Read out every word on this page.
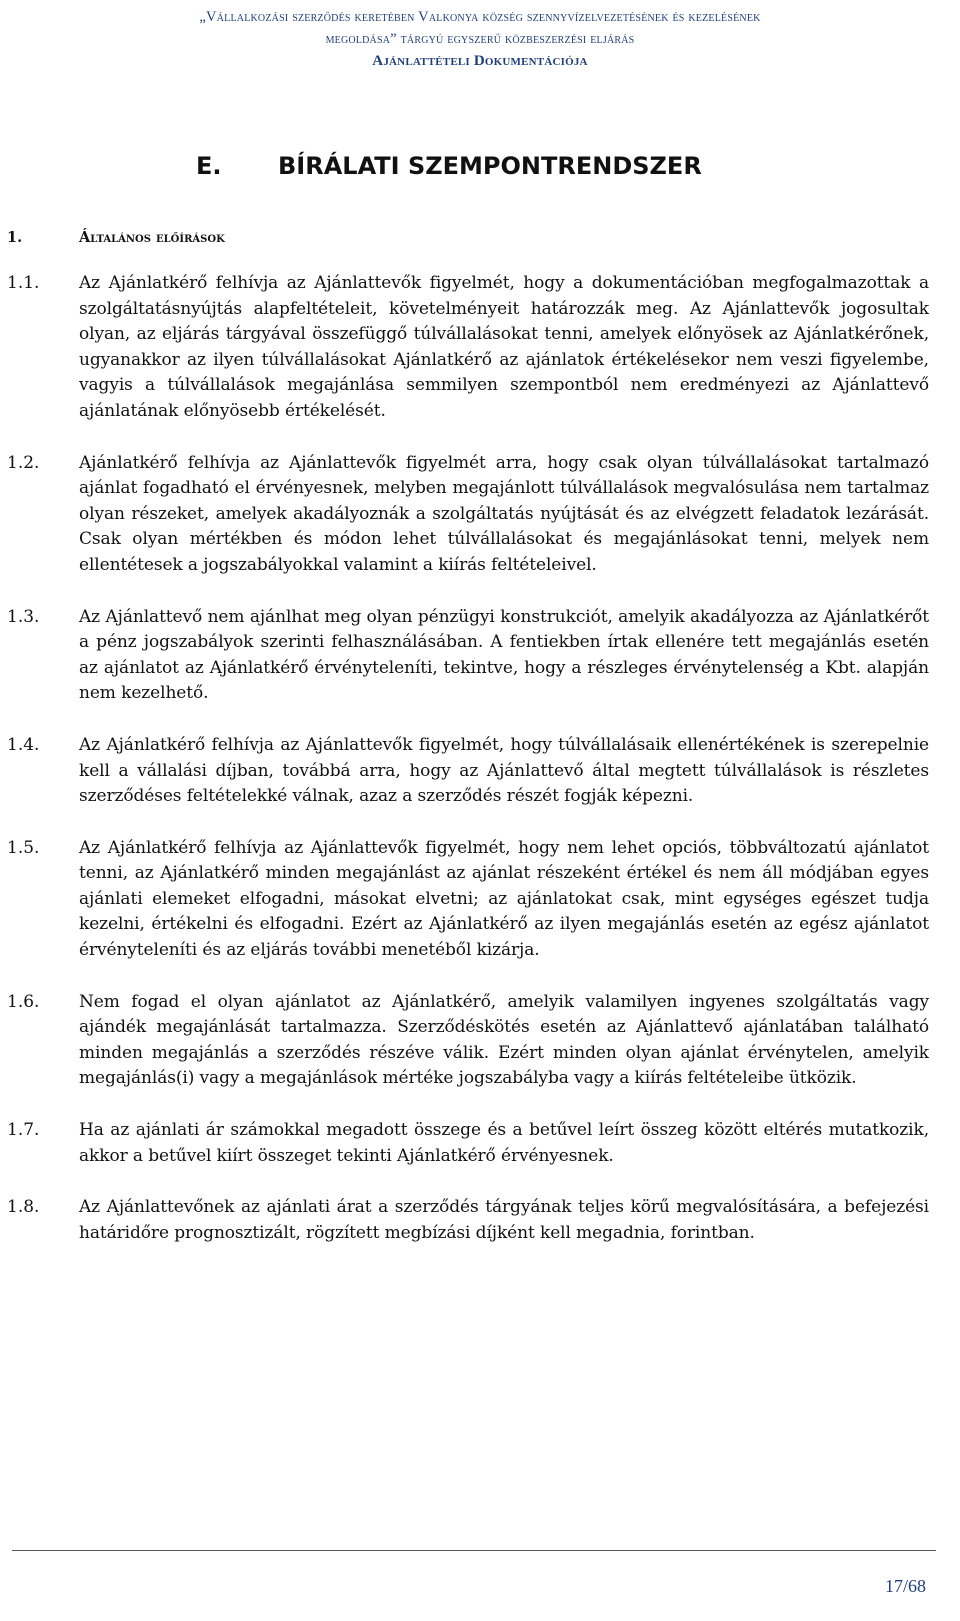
„Vállalkozási szerződés keretében Valkonya község szennyvízelvezetésének és kezelésének
megoldása” tárgyú egyszerű közbeszerzési eljárás
Ajánlattételi Dokumentációja
E. BÍRÁLATI SZEMPONTRENDSZER
1.	Általános előírások
1.1.	Az Ajánlatkérő felhívja az Ajánlattevők figyelmét, hogy a dokumentációban megfogalmazottak a szolgáltatásnyújtás alapfeltételeit, követelményeit határozzák meg. Az Ajánlattevők jogosultak olyan, az eljárás tárgyával összefüggő túlvállalásokat tenni, amelyek előnyösek az Ajánlatkérőnek, ugyanakkor az ilyen túlvállalásokat Ajánlatkérő az ajánlatok értékelésekor nem veszi figyelembe, vagyis a túlvállalások megajánlása semmilyen szempontból nem eredményezi az Ajánlattevő ajánlatának előnyösebb értékelését.
1.2.	Ajánlatkérő felhívja az Ajánlattevők figyelmét arra, hogy csak olyan túlvállalásokat tartalmazó ajánlat fogadható el érvényesnek, melyben megajánlott túlvállalások megvalósulása nem tartalmaz olyan részeket, amelyek akadályoznák a szolgáltatás nyújtását és az elvégzett feladatok lezárását. Csak olyan mértékben és módon lehet túlvállalásokat és megajánlásokat tenni, melyek nem ellentétesek a jogszabályokkal valamint a kiírás feltételeivel.
1.3.	Az Ajánlattevő nem ajánlhat meg olyan pénzügyi konstrukciót, amelyik akadályozza az Ajánlatkérőt a pénz jogszabályok szerinti felhasználásában. A fentiekben írtak ellenére tett megajánlás esetén az ajánlatot az Ajánlatkérő érvényteleníti, tekintve, hogy a részleges érvénytelenség a Kbt. alapján nem kezelhető.
1.4.	Az Ajánlatkérő felhívja az Ajánlattevők figyelmét, hogy túlvállalásaik ellenértékének is szerepelnie kell a vállalási díjban, továbbá arra, hogy az Ajánlattevő által megtett túlvállalások is részletes szerződéses feltételekké válnak, azaz a szerződés részét fogják képezni.
1.5.	Az Ajánlatkérő felhívja az Ajánlattevők figyelmét, hogy nem lehet opciós, többváltozatú ajánlatot tenni, az Ajánlatkérő minden megajánlást az ajánlat részeként értékel és nem áll módjában egyes ajánlati elemeket elfogadni, másokat elvetni; az ajánlatokat csak, mint egységes egészet tudja kezelni, értékelni és elfogadni. Ezért az Ajánlatkérő az ilyen megajánlás esetén az egész ajánlatot érvényteleníti és az eljárás további menetéből kizárja.
1.6.	Nem fogad el olyan ajánlatot az Ajánlatkérő, amelyik valamilyen ingyenes szolgáltatás vagy ajándék megajánlását tartalmazza. Szerződéskötés esetén az Ajánlattevő ajánlatában található minden megajánlás a szerződés részéve válik. Ezért minden olyan ajánlat érvénytelen, amelyik megajánlás(i) vagy a megajánlások mértéke jogszabályba vagy a kiírás feltételeibe ütközik.
1.7.	Ha az ajánlati ár számokkal megadott összege és a betűvel leírt összeg között eltérés mutatkozik, akkor a betűvel kiírt összeget tekinti Ajánlatkérő érvényesnek.
1.8.	Az Ajánlattevőnek az ajánlati árat a szerződés tárgyának teljes körű megvalósítására, a befejezési határidőre prognosztizált, rögzített megbízási díjként kell megadnia, forintban.
17/68
